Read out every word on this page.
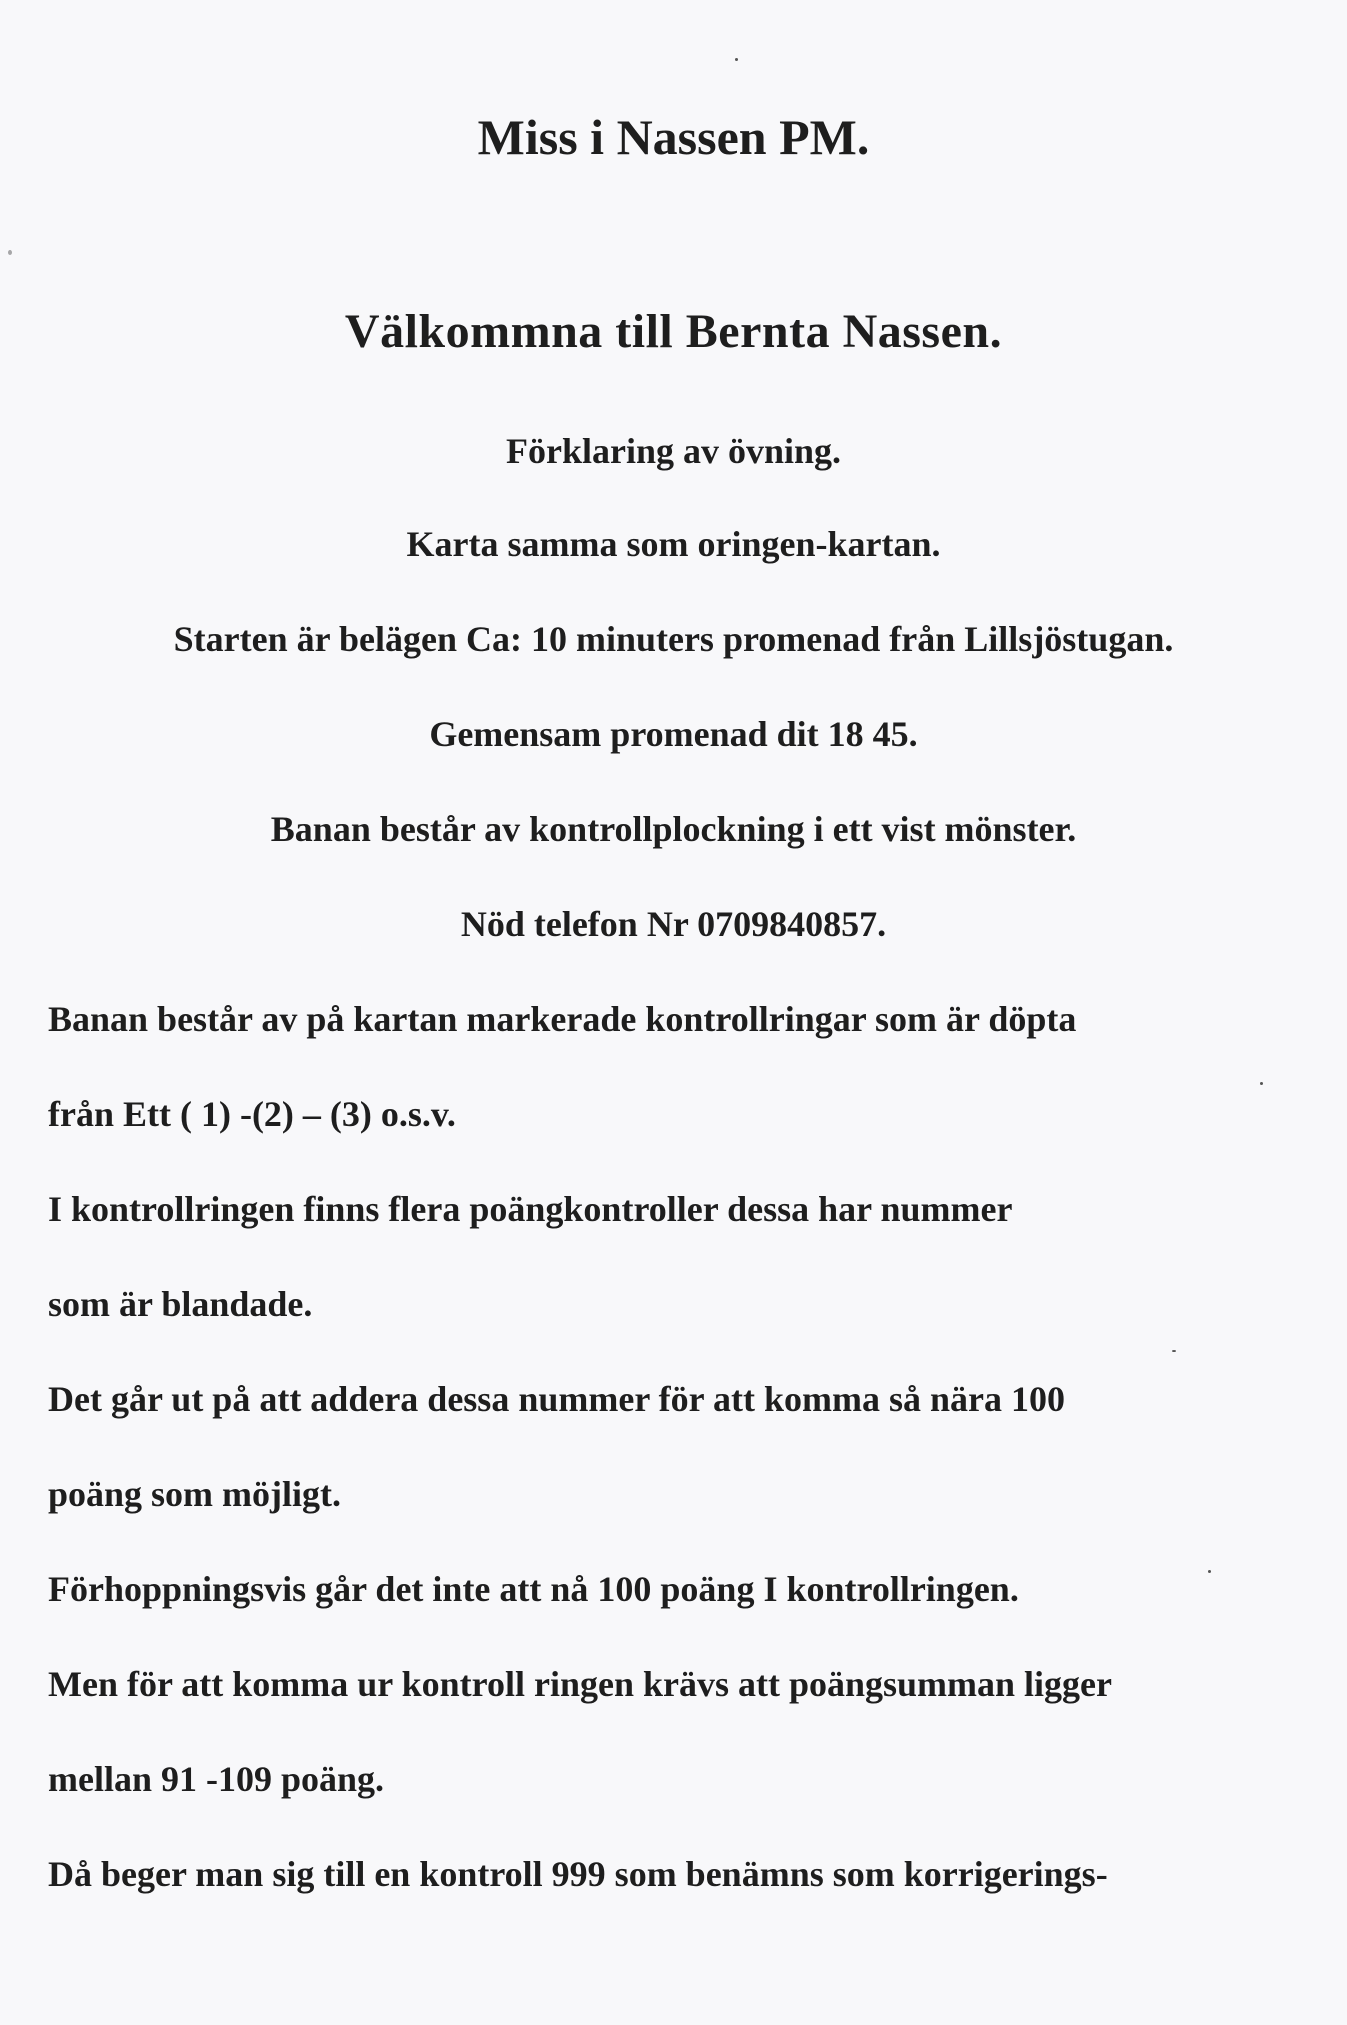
Miss i Nassen PM.
Välkommna till Bernta Nassen.
Förklaring av övning.
Karta samma som oringen-kartan.
Starten är belägen Ca: 10 minuters promenad från Lillsjöstugan.
Gemensam promenad dit 18 45.
Banan består av kontrollplockning i ett vist mönster.
Nöd telefon Nr 0709840857.
Banan består av på kartan markerade kontrollringar som är döpta
från Ett ( 1) -(2) – (3) o.s.v.
I kontrollringen finns flera poängkontroller dessa har nummer
som är blandade.
Det går ut på att addera dessa nummer för att komma så nära 100
poäng som möjligt.
Förhoppningsvis går det inte att nå 100 poäng I kontrollringen.
Men för att komma ur kontroll ringen krävs att poängsumman ligger
mellan 91 -109 poäng.
Då beger man sig till en kontroll 999 som benämns som korrigerings-
